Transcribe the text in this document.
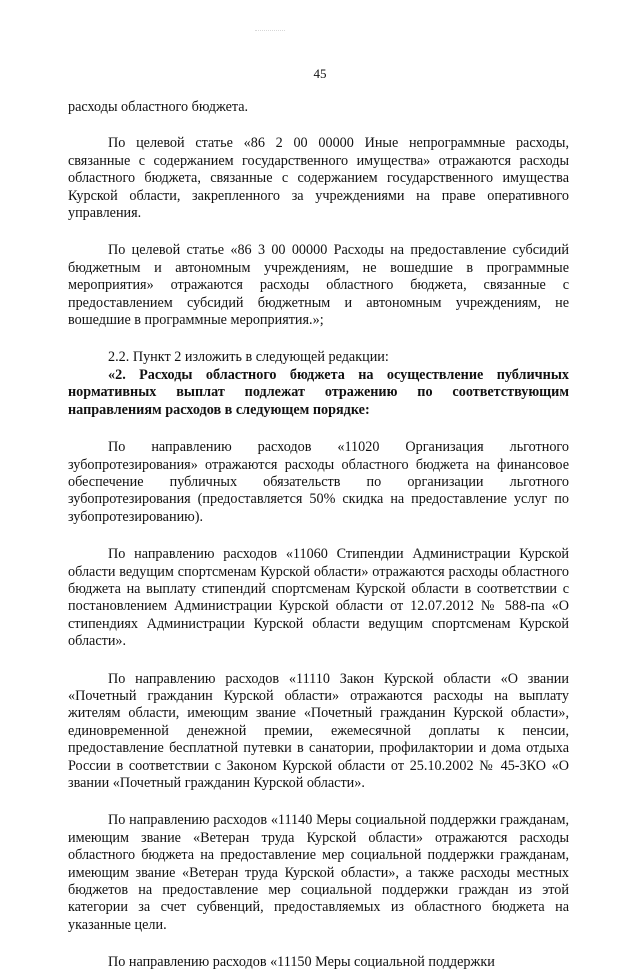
45

расходы областного бюджета.

По целевой статье «86 2 00 00000 Иные непрограммные расходы, связанные с содержанием государственного имущества» отражаются расходы областного бюджета, связанные с содержанием государственного имущества Курской области, закрепленного за учреждениями на праве оперативного управления.

По целевой статье «86 3 00 00000 Расходы на предоставление субсидий бюджетным и автономным учреждениям, не вошедшие в программные мероприятия» отражаются расходы областного бюджета, связанные с предоставлением субсидий бюджетным и автономным учреждениям, не вошедшие в программные мероприятия.»;

2.2. Пункт 2 изложить в следующей редакции:

«2. Расходы областного бюджета на осуществление публичных нормативных выплат подлежат отражению по соответствующим направлениям расходов в следующем порядке:

По направлению расходов «11020 Организация льготного зубопротезирования» отражаются расходы областного бюджета на финансовое обеспечение публичных обязательств по организации льготного зубопротезирования (предоставляется 50% скидка на предоставление услуг по зубопротезированию).

По направлению расходов «11060 Стипендии Администрации Курской области ведущим спортсменам Курской области» отражаются расходы областного бюджета на выплату стипендий спортсменам Курской области в соответствии с постановлением Администрации Курской области от 12.07.2012 № 588-па «О стипендиях Администрации Курской области ведущим спортсменам Курской области».

По направлению расходов «11110 Закон Курской области «О звании «Почетный гражданин Курской области» отражаются расходы на выплату жителям области, имеющим звание «Почетный гражданин Курской области», единовременной денежной премии, ежемесячной доплаты к пенсии, предоставление бесплатной путевки в санатории, профилактории и дома отдыха России в соответствии с Законом Курской области от 25.10.2002 № 45-ЗКО «О звании «Почетный гражданин Курской области».

По направлению расходов «11140 Меры социальной поддержки гражданам, имеющим звание «Ветеран труда Курской области» отражаются расходы областного бюджета на предоставление мер социальной поддержки гражданам, имеющим звание «Ветеран труда Курской области», а также расходы местных бюджетов на предоставление мер социальной поддержки граждан из этой категории за счет субвенций, предоставляемых из областного бюджета на указанные цели.

По направлению расходов «11150 Меры социальной поддержки
